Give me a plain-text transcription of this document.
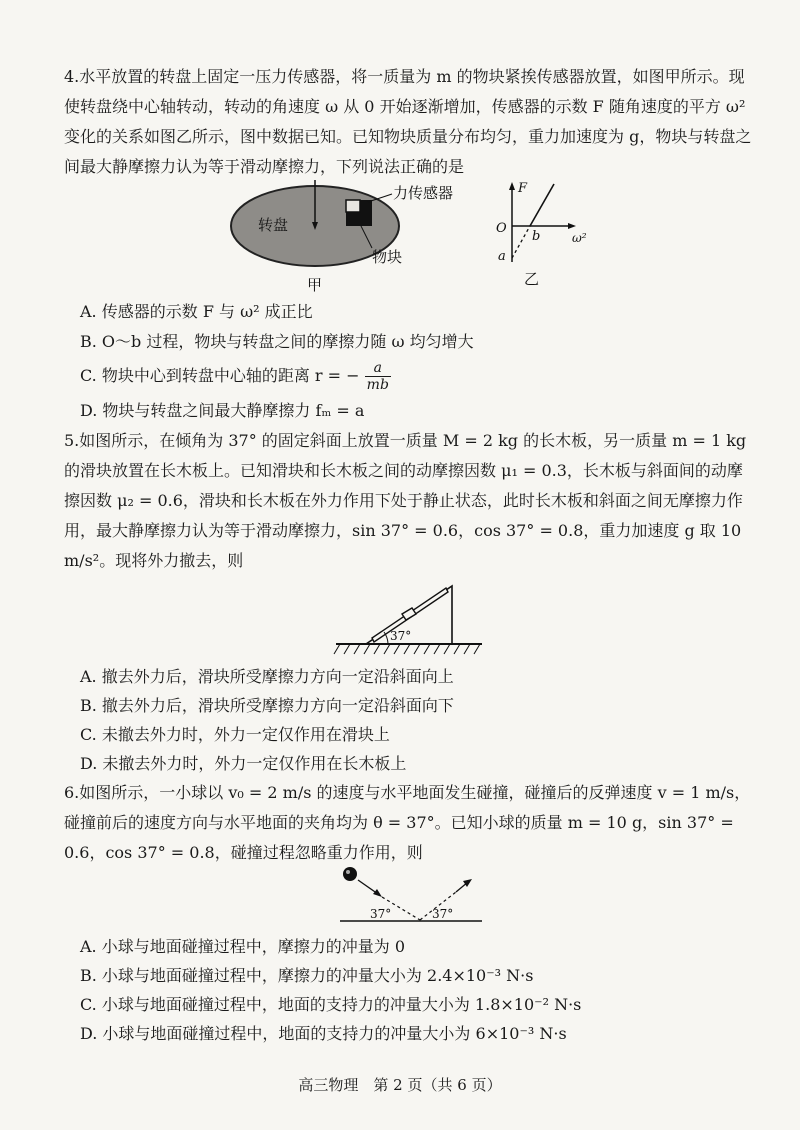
4.水平放置的转盘上固定一压力传感器，将一质量为 m 的物块紧挨传感器放置，如图甲所示。现使转盘绕中心轴转动，转动的角速度 ω 从 0 开始逐渐增加，传感器的示数 F 随角速度的平方 ω² 变化的关系如图乙所示，图中数据已知。已知物块质量分布均匀，重力加速度为 g，物块与转盘之间最大静摩擦力认为等于滑动摩擦力，下列说法正确的是

转盘
力传感器
物块
甲
F
ω²
O
b
a
乙
A. 传感器的示数 F 与 ω² 成正比
B. O～b 过程，物块与转盘之间的摩擦力随 ω 均匀增大
C. 物块中心到转盘中心轴的距离 r = − $\frac{a}{mb}$
D. 物块与转盘之间最大静摩擦力 fₘ = a

5.如图所示，在倾角为 37° 的固定斜面上放置一质量 M = 2 kg 的长木板，另一质量 m = 1 kg 的滑块放置在长木板上。已知滑块和长木板之间的动摩擦因数 μ₁ = 0.3，长木板与斜面间的动摩擦因数 μ₂ = 0.6，滑块和长木板在外力作用下处于静止状态，此时长木板和斜面之间无摩擦力作用，最大静摩擦力认为等于滑动摩擦力，sin 37° = 0.6，cos 37° = 0.8，重力加速度 g 取 10 m/s²。现将外力撤去，则

37°
A. 撤去外力后，滑块所受摩擦力方向一定沿斜面向上
B. 撤去外力后，滑块所受摩擦力方向一定沿斜面向下
C. 未撤去外力时，外力一定仅作用在滑块上
D. 未撤去外力时，外力一定仅作用在长木板上

6.如图所示，一小球以 v₀ = 2 m/s 的速度与水平地面发生碰撞，碰撞后的反弹速度 v = 1 m/s，碰撞前后的速度方向与水平地面的夹角均为 θ = 37°。已知小球的质量 m = 10 g，sin 37° = 0.6，cos 37° = 0.8，碰撞过程忽略重力作用，则

37°	37°
A. 小球与地面碰撞过程中，摩擦力的冲量为 0
B. 小球与地面碰撞过程中，摩擦力的冲量大小为 2.4×10⁻³ N·s
C. 小球与地面碰撞过程中，地面的支持力的冲量大小为 1.8×10⁻² N·s
D. 小球与地面碰撞过程中，地面的支持力的冲量大小为 6×10⁻³ N·s
高三物理　第 2 页（共 6 页）
